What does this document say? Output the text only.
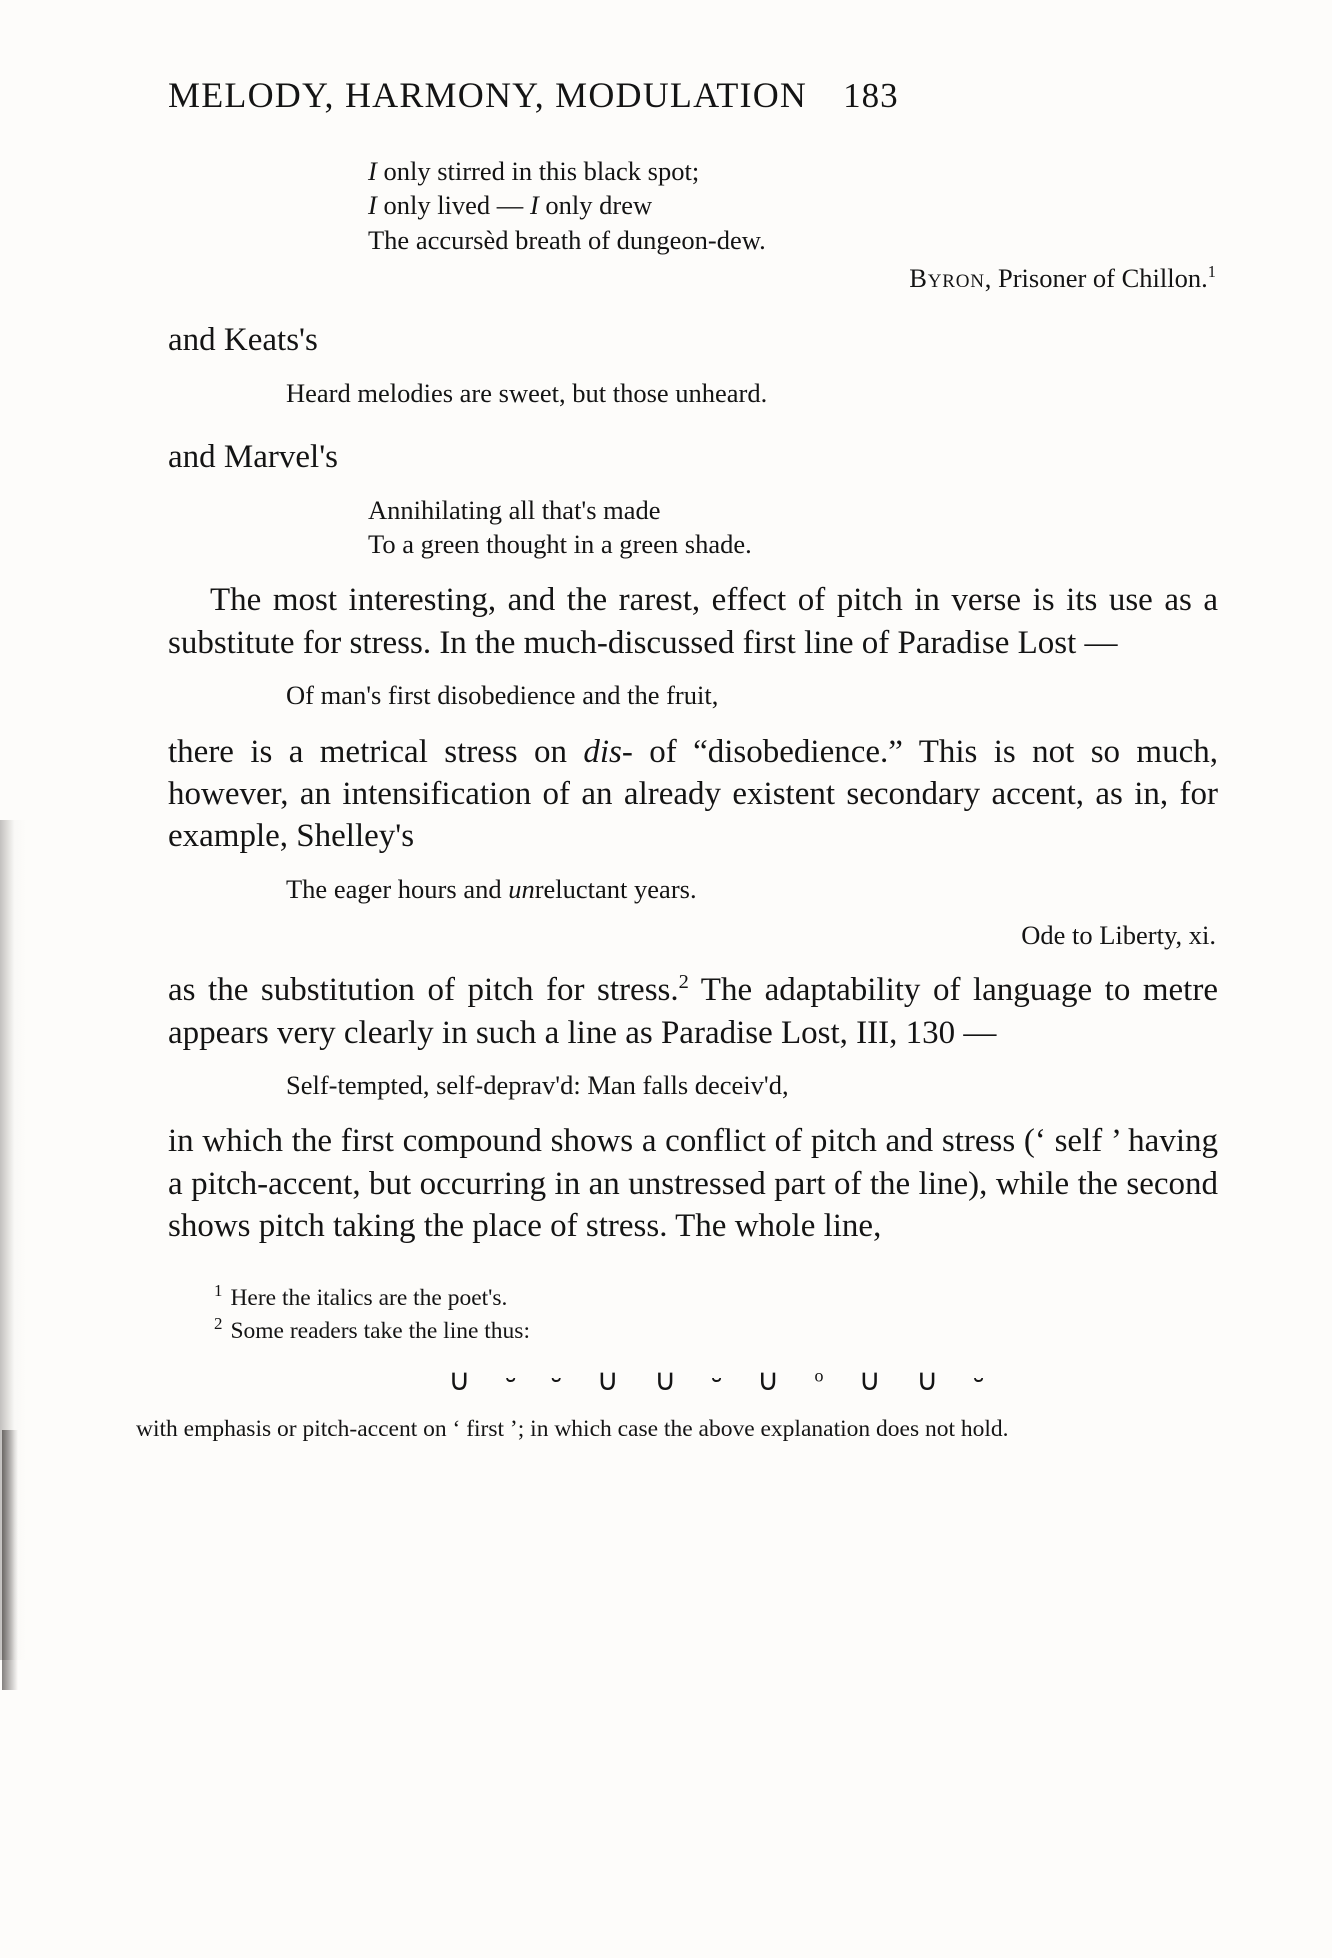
MELODY, HARMONY, MODULATION 183
I only stirred in this black spot;
I only lived — I only drew
The accursèd breath of dungeon-dew.
Byron, Prisoner of Chillon.$^1$
and Keats's
Heard melodies are sweet, but those unheard.
and Marvel's
Annihilating all that's made
To a green thought in a green shade.

The most interesting, and the rarest, effect of pitch in verse is its use as a substitute for stress. In the much-discussed first line of Paradise Lost —

Of man's first disobedience and the fruit,

there is a metrical stress on dis- of “disobedience.” This is not so much, however, an intensification of an already existent secondary accent, as in, for example, Shelley's

The eager hours and unreluctant years.
Ode to Liberty, xi.

as the substitution of pitch for stress.$^2$ The adaptability of language to metre appears very clearly in such a line as Paradise Lost, III, 130 —

Self-tempted, self-deprav'd: Man falls deceiv'd,

in which the first compound shows a conflict of pitch and stress (‘ self ’ having a pitch-accent, but occurring in an unstressed part of the line), while the second shows pitch taking the place of stress. The whole line,

$^1$ Here the italics are the poet's.
$^2$ Some readers take the line thus:
∪ ⏑ ⏑ ∪ ∪ ⏑ ∪ ᵒ ∪ ∪ ⏑
with emphasis or pitch-accent on ‘ first ’; in which case the above explanation does not hold.
